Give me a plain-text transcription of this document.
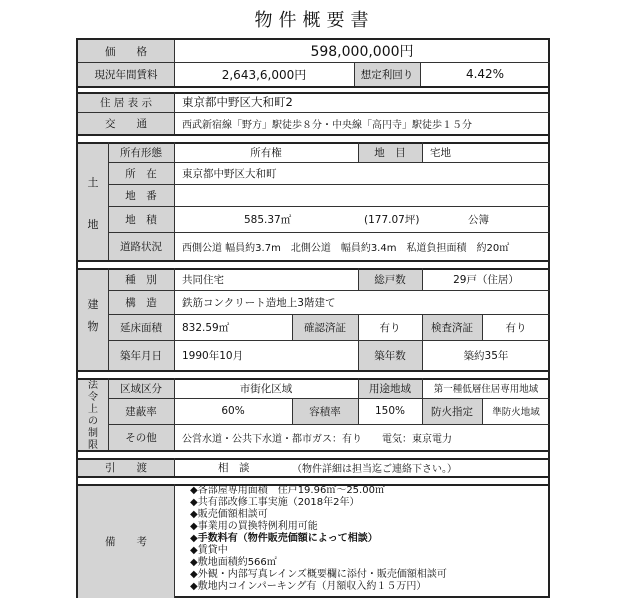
物件概要書
価　　格	598,000,000円
現況年間賃料	2,643,6,000円	想定利回り	4.42%
住 居 表 示	東京都中野区大和町2
交　　通	西武新宿線「野方」駅徒歩８分・中央線「高円寺」駅徒歩１５分
土
地
所有形態	所有権	地　目	宅地
所　在	東京都中野区大和町
地　番
地　積	585.37㎡	(177.07坪)	公簿
道路状況	西側公道 幅員約3.7m　北側公道　幅員約3.4m　私道負担面積　約20㎡
建
物
種　別	共同住宅	総戸数	29戸（住居）
構　造	鉄筋コンクリート造地上3階建て
延床面積	832.59㎡	確認済証	有り	検査済証	有り
築年月日	1990年10月	築年数	築約35年
法
令
上
の
制
限
区域区分	市街化区域	用途地域	第一種低層住居専用地域
建蔽率	60%	容積率	150%	防火指定	準防火地域
その他	公営水道・公共下水道・都市ガス：有り　　電気：東京電力
引　　渡	相　談	（物件詳細は担当迄ご連絡下さい。）
備　　考
◆各部屋専用面積　住戸19.96㎡〜25.00㎡
◆共有部改修工事実施（2018年2年）
◆販売価額相談可
◆事業用の買換特例利用可能
◆手数料有（物件販売価額によって相談）
◆賃貸中
◆敷地面積約566㎡
◆外観・内部写真レインズ概要欄に添付・販売価額相談可
◆敷地内コインパーキング有（月額収入約１５万円）
